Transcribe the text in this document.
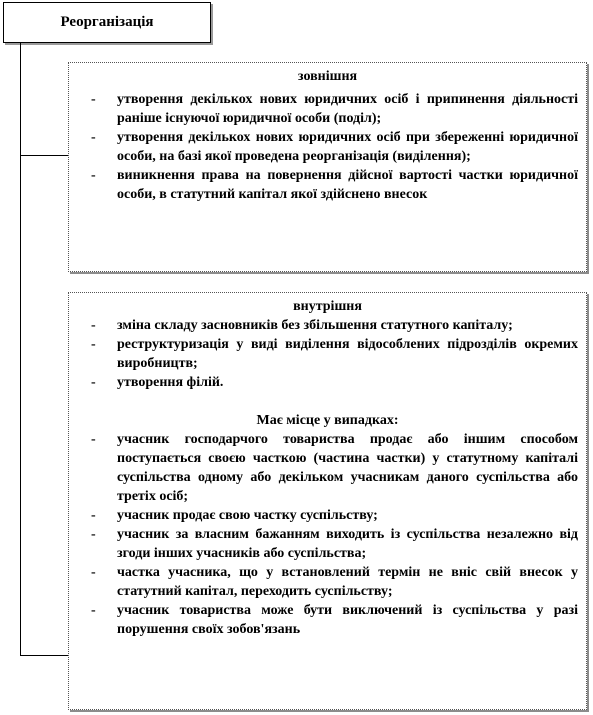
Реорганізація
зовнішня
- утворення декількох нових юридичних осіб і припинення діяльності раніше існуючої юридичної особи (поділ);
- утворення декількох нових юридичних осіб при збереженні юридичної особи, на базі якої проведена реорганізація (виділення);
- виникнення права на повернення дійсної вартості частки юридичної особи, в статутний капітал якої здійснено внесок
внутрішня
- зміна складу засновників без збільшення статутного капіталу;
- реструктуризація у виді виділення відособлених підрозділів окремих виробництв;
- утворення філій.
Має місце у випадках:
- учасник господарчого товариства продає або іншим способом поступається своєю часткою (частина частки) у статутному капіталі суспільства одному або декільком учасникам даного суспільства або третіх осіб;
- учасник продає свою частку суспільству;
- учасник за власним бажанням виходить із суспільства незалежно від згоди інших учасників або суспільства;
- частка учасника, що у встановлений термін не вніс свій внесок у статутний капітал, переходить суспільству;
- учасник товариства може бути виключений із суспільства у разі порушення своїх зобов'язань
